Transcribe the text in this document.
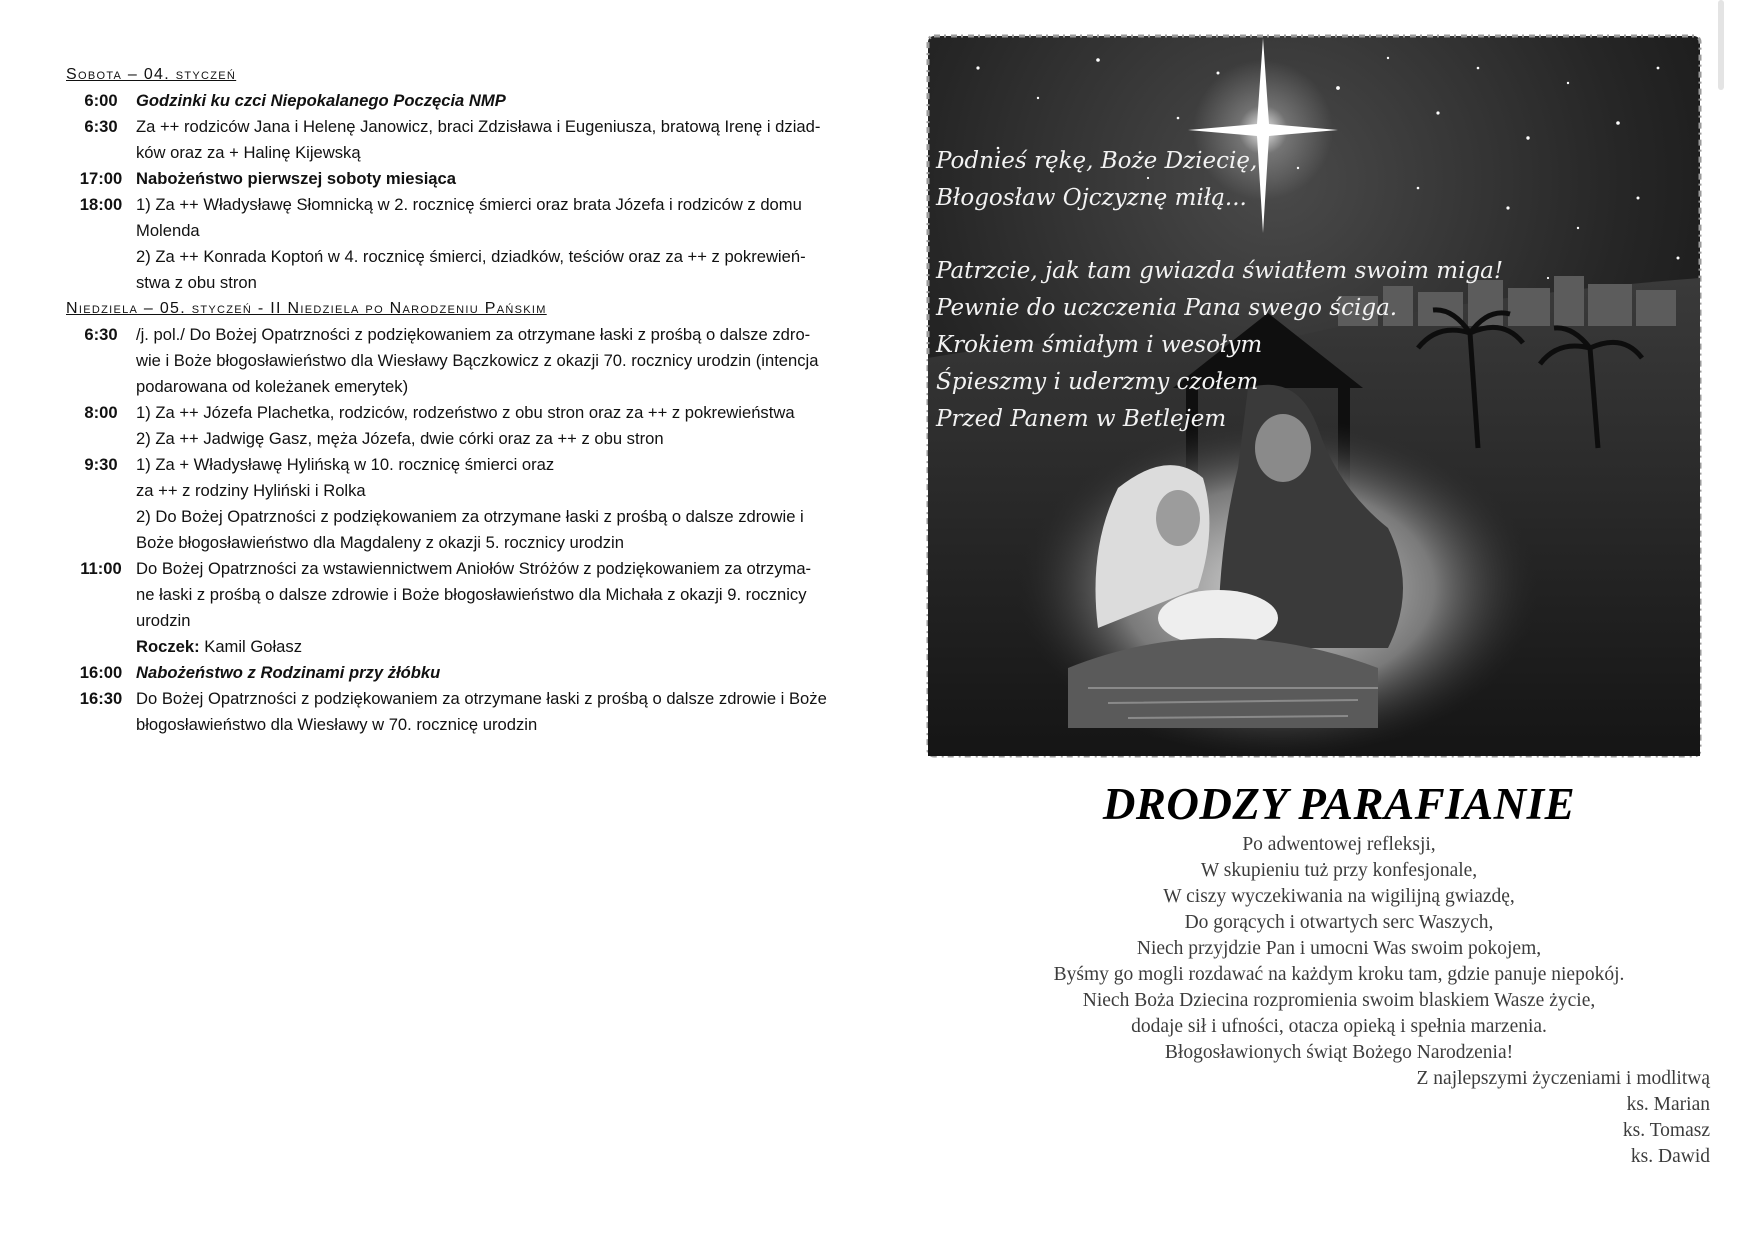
Sobota – 04. styczeń
6:00	Godzinki ku czci Niepokalanego Poczęcia NMP
6:30	Za ++ rodziców Jana i Helenę Janowicz, braci Zdzisława i Eugeniusza, bratową Irenę i dziad-
ków oraz za + Halinę Kijewską
17:00 Nabożeństwo pierwszej soboty miesiąca
18:00 1) Za ++ Władysławę Słomnicką w 2. rocznicę śmierci oraz brata Józefa i rodziców z domu
Molenda
2) Za ++ Konrada Koptoń w 4. rocznicę śmierci, dziadków, teściów oraz za ++ z pokrewień-
stwa z obu stron
Niedziela – 05. styczeń - II Niedziela po Narodzeniu Pańskim
6:30	/j. pol./ Do Bożej Opatrzności z podziękowaniem za otrzymane łaski z prośbą o dalsze zdro-
wie i Boże błogosławieństwo dla Wiesławy Bączkowicz z okazji 70. rocznicy urodzin (intencja
podarowana od koleżanek emerytek)
8:00	1) Za ++ Józefa Plachetka, rodziców, rodzeństwo z obu stron oraz za ++ z pokrewieństwa
2) Za ++ Jadwigę Gasz, męża Józefa, dwie córki oraz za ++ z obu stron
9:30	1) Za + Władysławę Hylińską w 10. rocznicę śmierci oraz
za ++ z rodziny Hyliński i Rolka
2) Do Bożej Opatrzności z podziękowaniem za otrzymane łaski z prośbą o dalsze zdrowie i
Boże błogosławieństwo dla Magdaleny z okazji 5. rocznicy urodzin
11:00 Do Bożej Opatrzności za wstawiennictwem Aniołów Stróżów z podziękowaniem za otrzyma-
ne łaski z prośbą o dalsze zdrowie i Boże błogosławieństwo dla Michała z okazji 9. rocznicy
urodzin
Roczek: Kamil Gołasz
16:00 Nabożeństwo z Rodzinami przy żłóbku
16:30 Do Bożej Opatrzności z podziękowaniem za otrzymane łaski z prośbą o dalsze zdrowie i Boże
błogosławieństwo dla Wiesławy w 70. rocznicę urodzin
Podnieś rękę, Boże Dziecię,
Błogosław Ojczyznę miłą...
Patrzcie, jak tam gwiazda światłem swoim miga!
Pewnie do uczczenia Pana swego ściga.
Krokiem śmiałym i wesołym
Śpieszmy i uderzmy czołem
Przed Panem w Betlejem
DRODZY PARAFIANIE
Po adwentowej refleksji,
W skupieniu tuż przy konfesjonale,
W ciszy wyczekiwania na wigilijną gwiazdę,
Do gorących i otwartych serc Waszych,
Niech przyjdzie Pan i umocni Was swoim pokojem,
Byśmy go mogli rozdawać na każdym kroku tam, gdzie panuje niepokój.
Niech Boża Dziecina rozpromienia swoim blaskiem Wasze życie,
dodaje sił i ufności, otacza opieką i spełnia marzenia.
Błogosławionych świąt Bożego Narodzenia!
Z najlepszymi życzeniami i modlitwą
ks. Marian
ks. Tomasz
ks. Dawid
